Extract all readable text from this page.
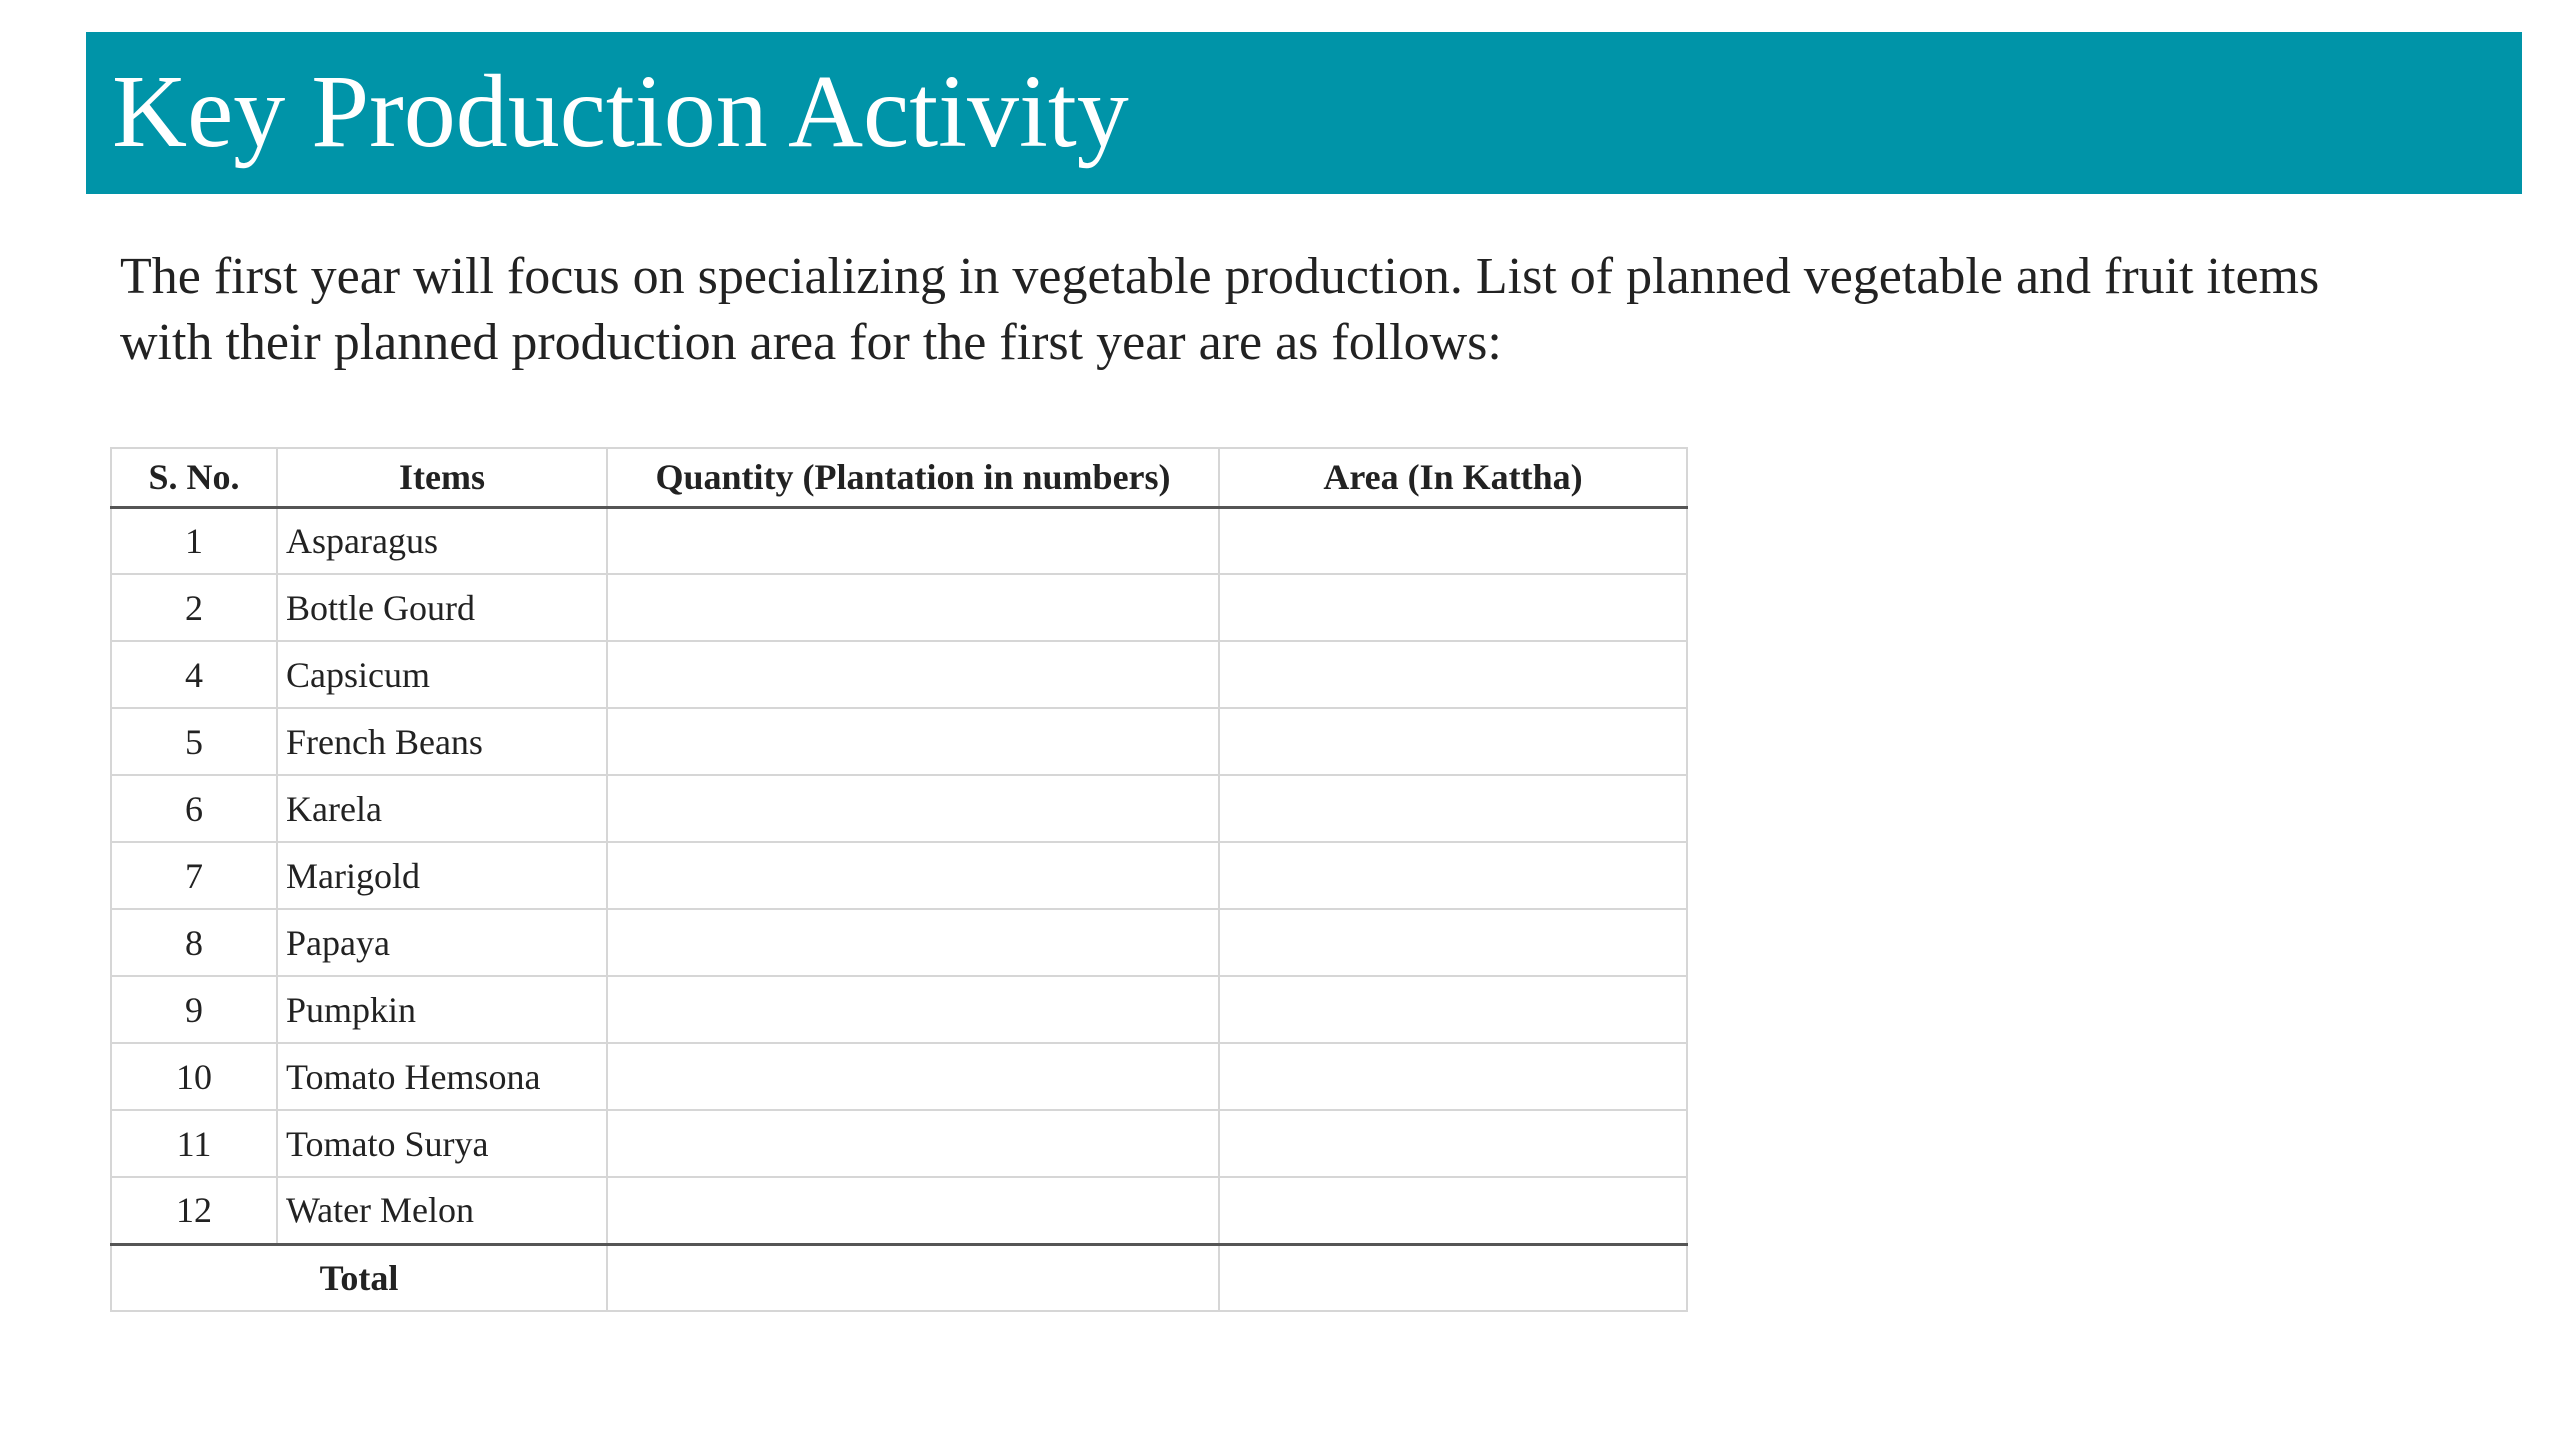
Key Production Activity

The first year will focus on specializing in vegetable production. List of planned vegetable and fruit items with their planned production area for the first year are as follows:

S. No.	Items	Quantity (Plantation in numbers)	Area (In Kattha)
1	Asparagus		
2	Bottle Gourd		
4	Capsicum		
5	French Beans		
6	Karela		
7	Marigold		
8	Papaya		
9	Pumpkin		
10	Tomato Hemsona		
11	Tomato Surya		
12	Water Melon		
Total			
